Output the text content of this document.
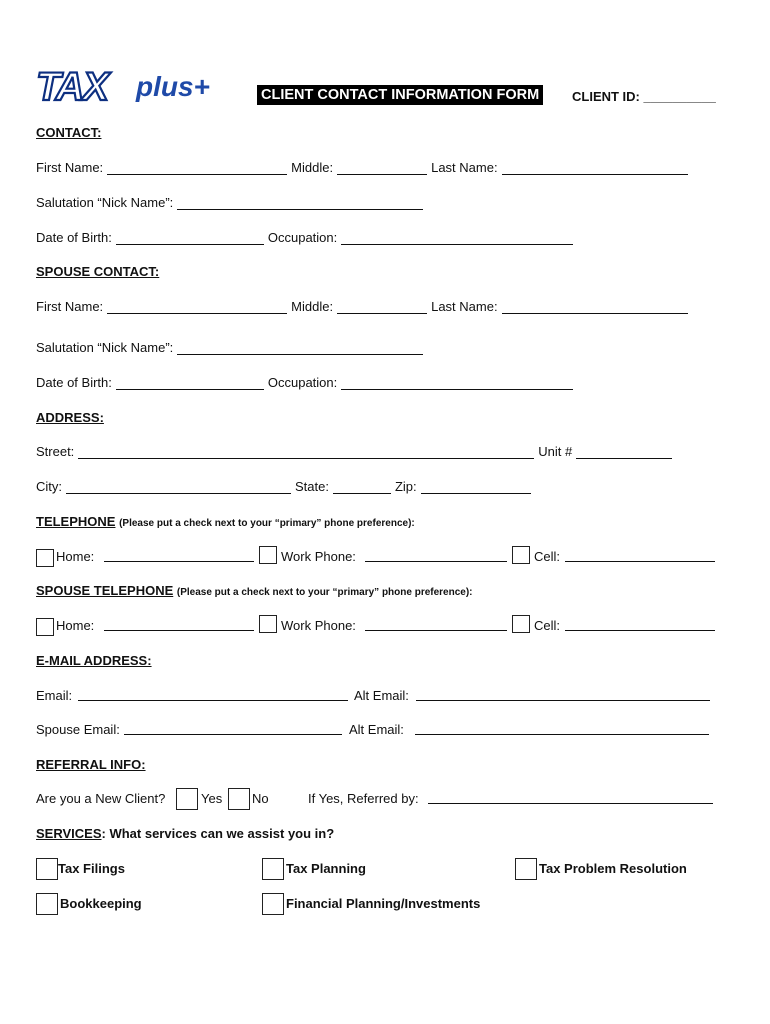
TAX plus+	CLIENT CONTACT INFORMATION FORM	CLIENT ID: __________
CONTACT:
First Name:	Middle:	Last Name:
Salutation “Nick Name”:
Date of Birth:	Occupation:
SPOUSE CONTACT:
First Name:	Middle:	Last Name:
Salutation “Nick Name”:
Date of Birth:	Occupation:
ADDRESS:
Street:	Unit #
City:	State:	Zip:
TELEPHONE (Please put a check next to your “primary” phone preference):
Home:	Work Phone:	Cell:
SPOUSE TELEPHONE (Please put a check next to your “primary” phone preference):
Home:	Work Phone:	Cell:
E-MAIL ADDRESS:
Email:	Alt Email:
Spouse Email:	Alt Email:
REFERRAL INFO:
Are you a New Client?	Yes No	If Yes, Referred by:
SERVICES: What services can we assist you in?
Tax Filings	Tax Planning	Tax Problem Resolution
Bookkeeping	Financial Planning/Investments
